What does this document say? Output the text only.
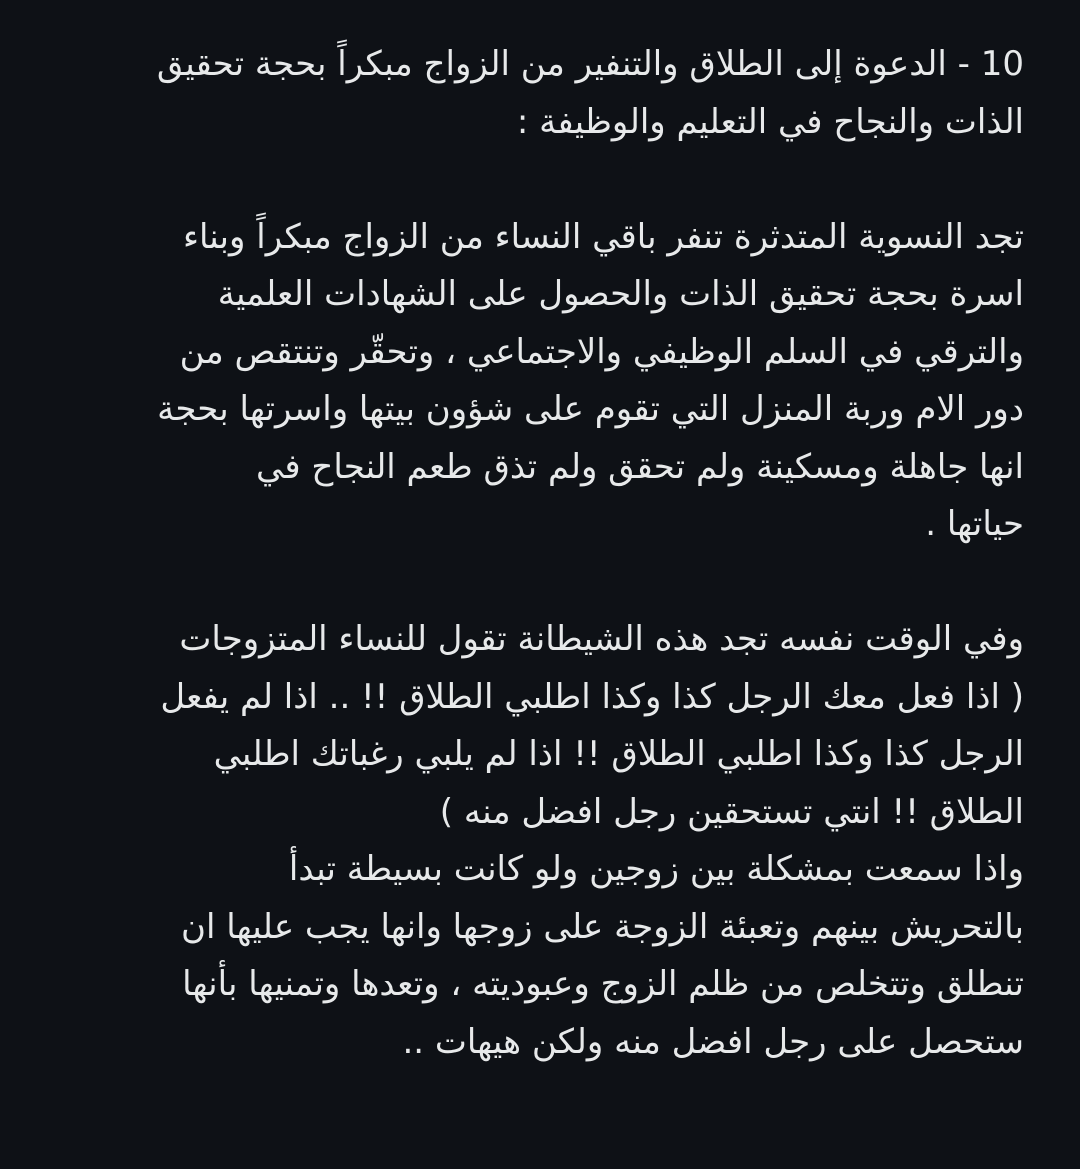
10 - الدعوة إلى الطلاق والتنفير من الزواج مبكراً بحجة تحقيق
الذات والنجاح في التعليم والوظيفة :
تجد النسوية المتدثرة تنفر باقي النساء من الزواج مبكراً وبناء
اسرة بحجة تحقيق الذات والحصول على الشهادات العلمية
والترقي في السلم الوظيفي والاجتماعي ، وتحقّر وتنتقص من
دور الام وربة المنزل التي تقوم على شؤون بيتها واسرتها بحجة
انها جاهلة ومسكينة ولم تحقق ولم تذق طعم النجاح في
حياتها .
وفي الوقت نفسه تجد هذه الشيطانة تقول للنساء المتزوجات
( اذا فعل معك الرجل كذا وكذا اطلبي الطلاق !! .. اذا لم يفعل
الرجل كذا وكذا اطلبي الطلاق !! اذا لم يلبي رغباتك اطلبي
الطلاق !! انتي تستحقين رجل افضل منه )
واذا سمعت بمشكلة بين زوجين ولو كانت بسيطة تبدأ
بالتحريش بينهم وتعبئة الزوجة على زوجها وانها يجب عليها ان
تنطلق وتتخلص من ظلم الزوج وعبوديته ، وتعدها وتمنيها بأنها
ستحصل على رجل افضل منه ولكن هيهات ..
